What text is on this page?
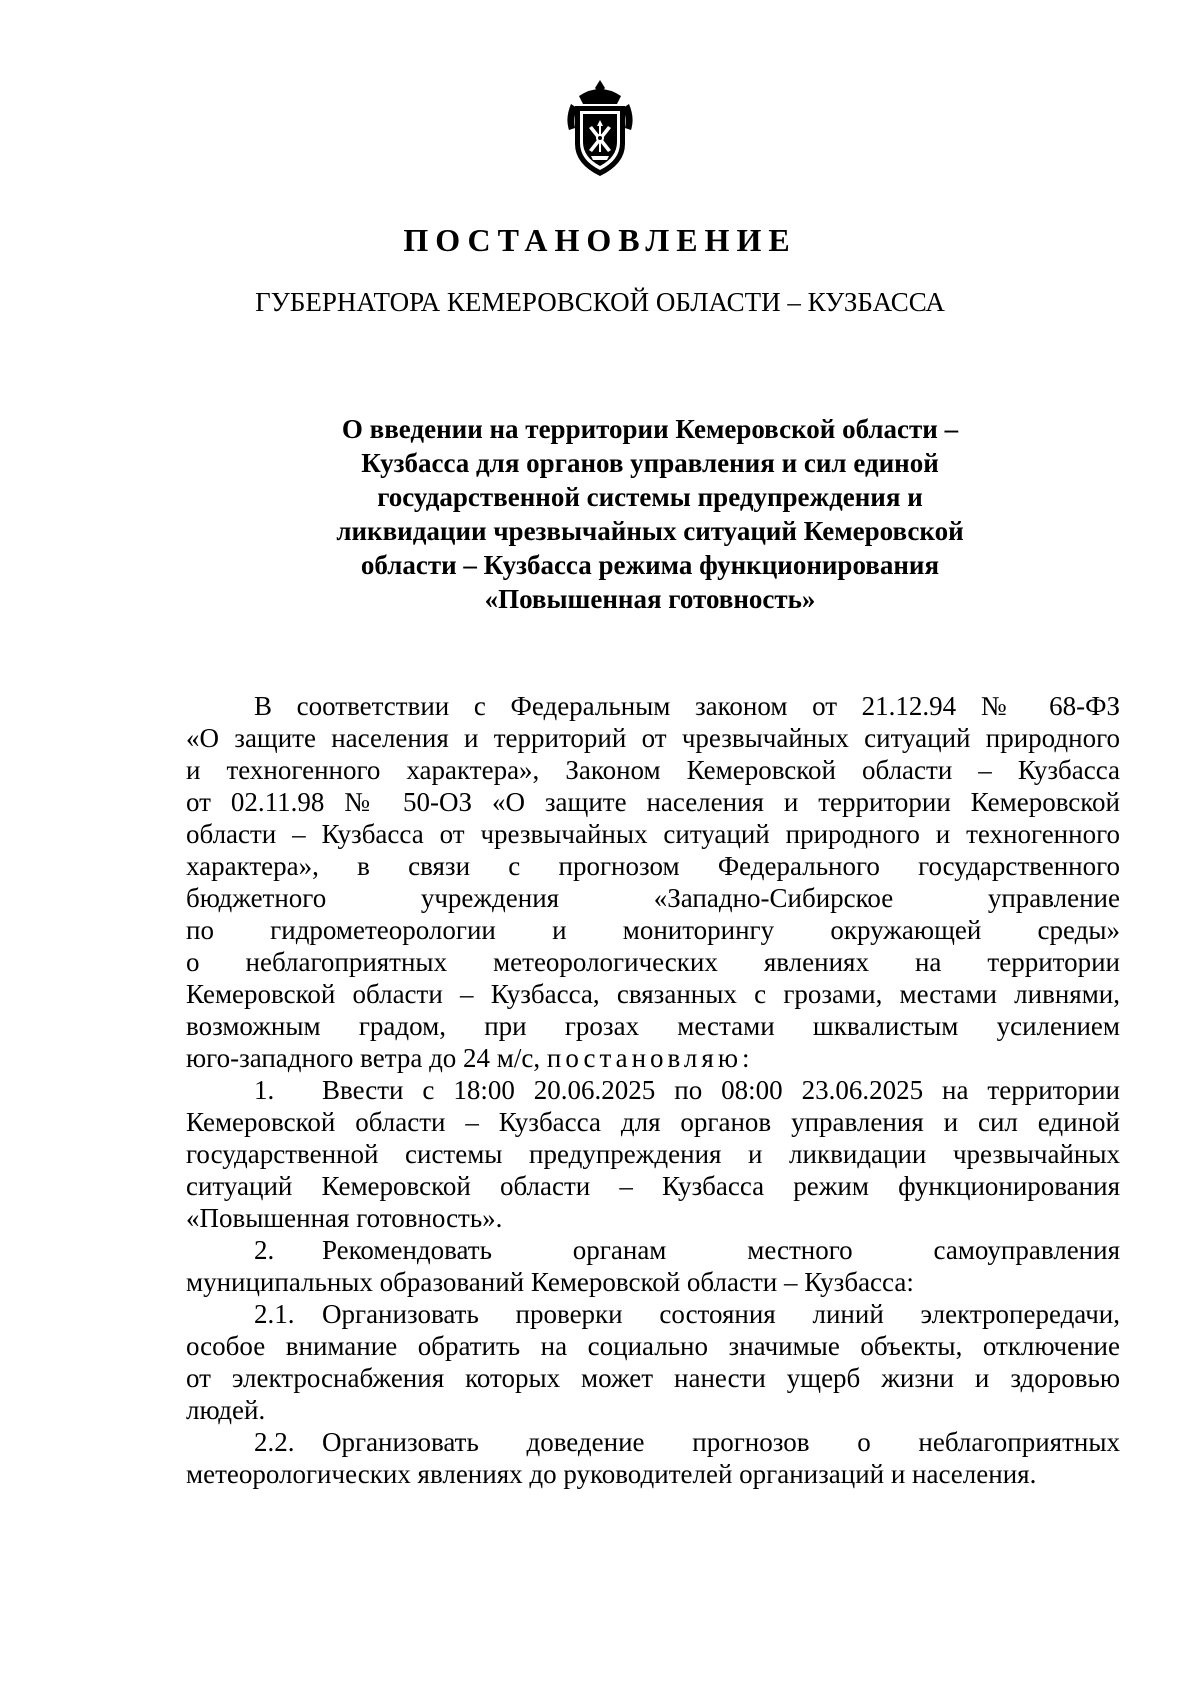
ПОСТАНОВЛЕНИЕ
ГУБЕРНАТОРА КЕМЕРОВСКОЙ ОБЛАСТИ – КУЗБАССА
О введении на территории Кемеровской области –
Кузбасса для органов управления и сил единой
государственной системы предупреждения и
ликвидации чрезвычайных ситуаций Кемеровской
области – Кузбасса режима функционирования
«Повышенная готовность»
В соответствии с Федеральным законом от 21.12.94 № 68-ФЗ
«О защите населения и территорий от чрезвычайных ситуаций природного
и техногенного характера», Законом Кемеровской области – Кузбасса
от 02.11.98 № 50-ОЗ «О защите населения и территории Кемеровской
области – Кузбасса от чрезвычайных ситуаций природного и техногенного
характера», в связи с прогнозом Федерального государственного
бюджетного учреждения «Западно-Сибирское управление
по гидрометеорологии и мониторингу окружающей среды»
о неблагоприятных метеорологических явлениях на территории
Кемеровской области – Кузбасса, связанных с грозами, местами ливнями,
возможным градом, при грозах местами шквалистым усилением
юго-западного ветра до 24 м/с, постановляю:
1. Ввести с 18:00 20.06.2025 по 08:00 23.06.2025 на территории
Кемеровской области – Кузбасса для органов управления и сил единой
государственной системы предупреждения и ликвидации чрезвычайных
ситуаций Кемеровской области – Кузбасса режим функционирования
«Повышенная готовность».
2. Рекомендовать органам местного самоуправления
муниципальных образований Кемеровской области – Кузбасса:
2.1. Организовать проверки состояния линий электропередачи,
особое внимание обратить на социально значимые объекты, отключение
от электроснабжения которых может нанести ущерб жизни и здоровью
людей.
2.2. Организовать доведение прогнозов о неблагоприятных
метеорологических явлениях до руководителей организаций и населения.
